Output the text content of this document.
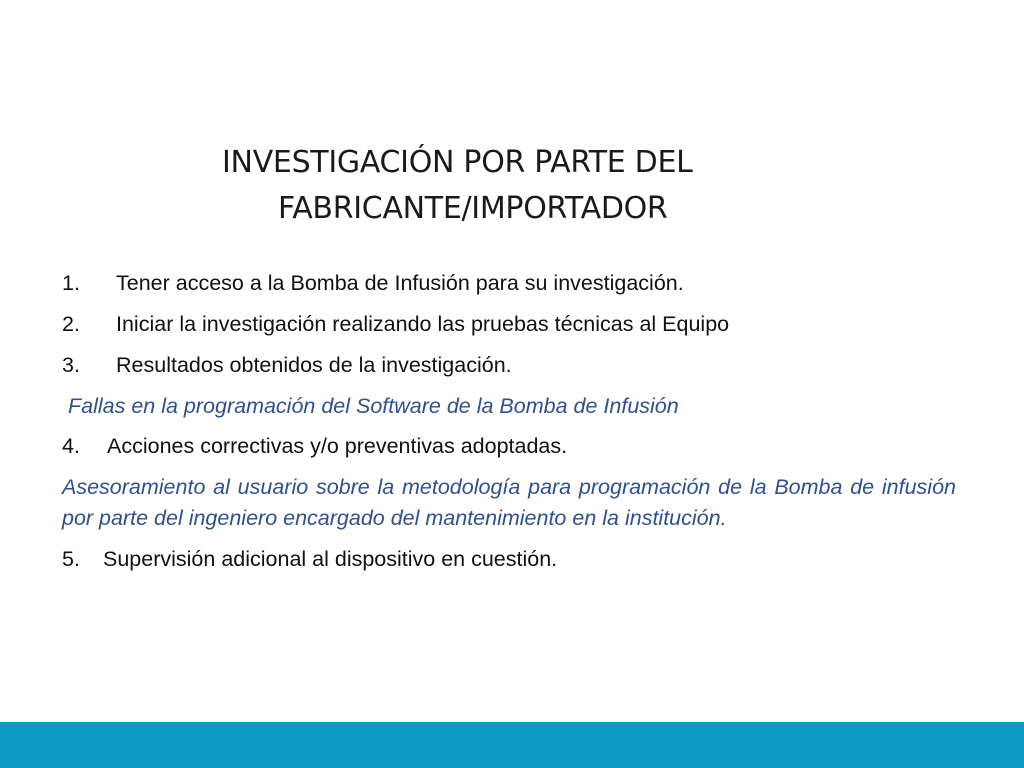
INVESTIGACIÓN POR PARTE DEL
FABRICANTE/IMPORTADOR
1.	Tener acceso a la Bomba de Infusión para su investigación.
2.	Iniciar la investigación realizando las pruebas técnicas al Equipo
3.	Resultados obtenidos de la investigación.
Fallas en la programación del Software de la Bomba de Infusión
4.	Acciones correctivas y/o preventivas adoptadas.
Asesoramiento al usuario sobre la metodología para programación de la Bomba de infusión por parte del ingeniero encargado del mantenimiento en la institución.
5.	Supervisión adicional al dispositivo en cuestión.
